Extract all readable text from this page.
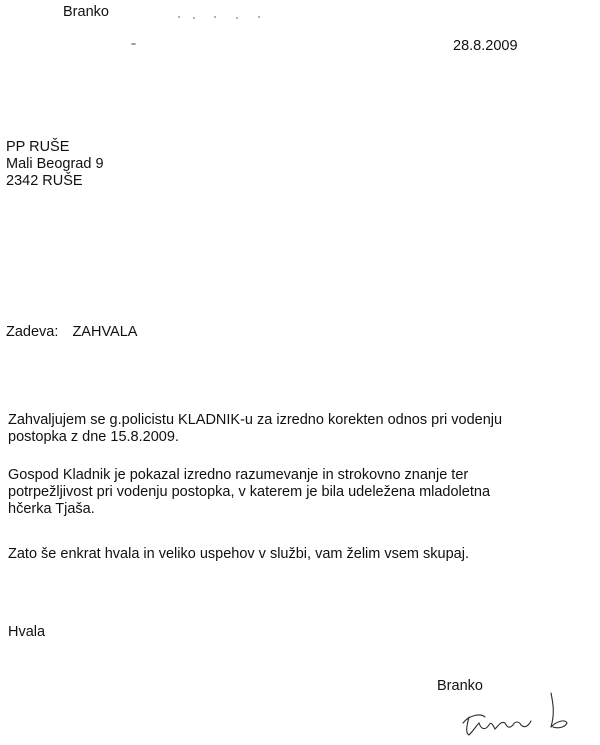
Branko
28.8.2009
PP RUŠE
Mali Beograd 9
2342 RUŠE
Zadeva: ZAHVALA
Zahvaljujem se g.policistu KLADNIK-u za izredno korekten odnos pri vodenju
postopka z dne 15.8.2009.
Gospod Kladnik je pokazal izredno razumevanje in strokovno znanje ter
potrpežljivost pri vodenju postopka, v katerem je bila udeležena mladoletna
hčerka Tjaša.
Zato še enkrat hvala in veliko uspehov v službi, vam želim vsem skupaj.
Hvala
Branko
